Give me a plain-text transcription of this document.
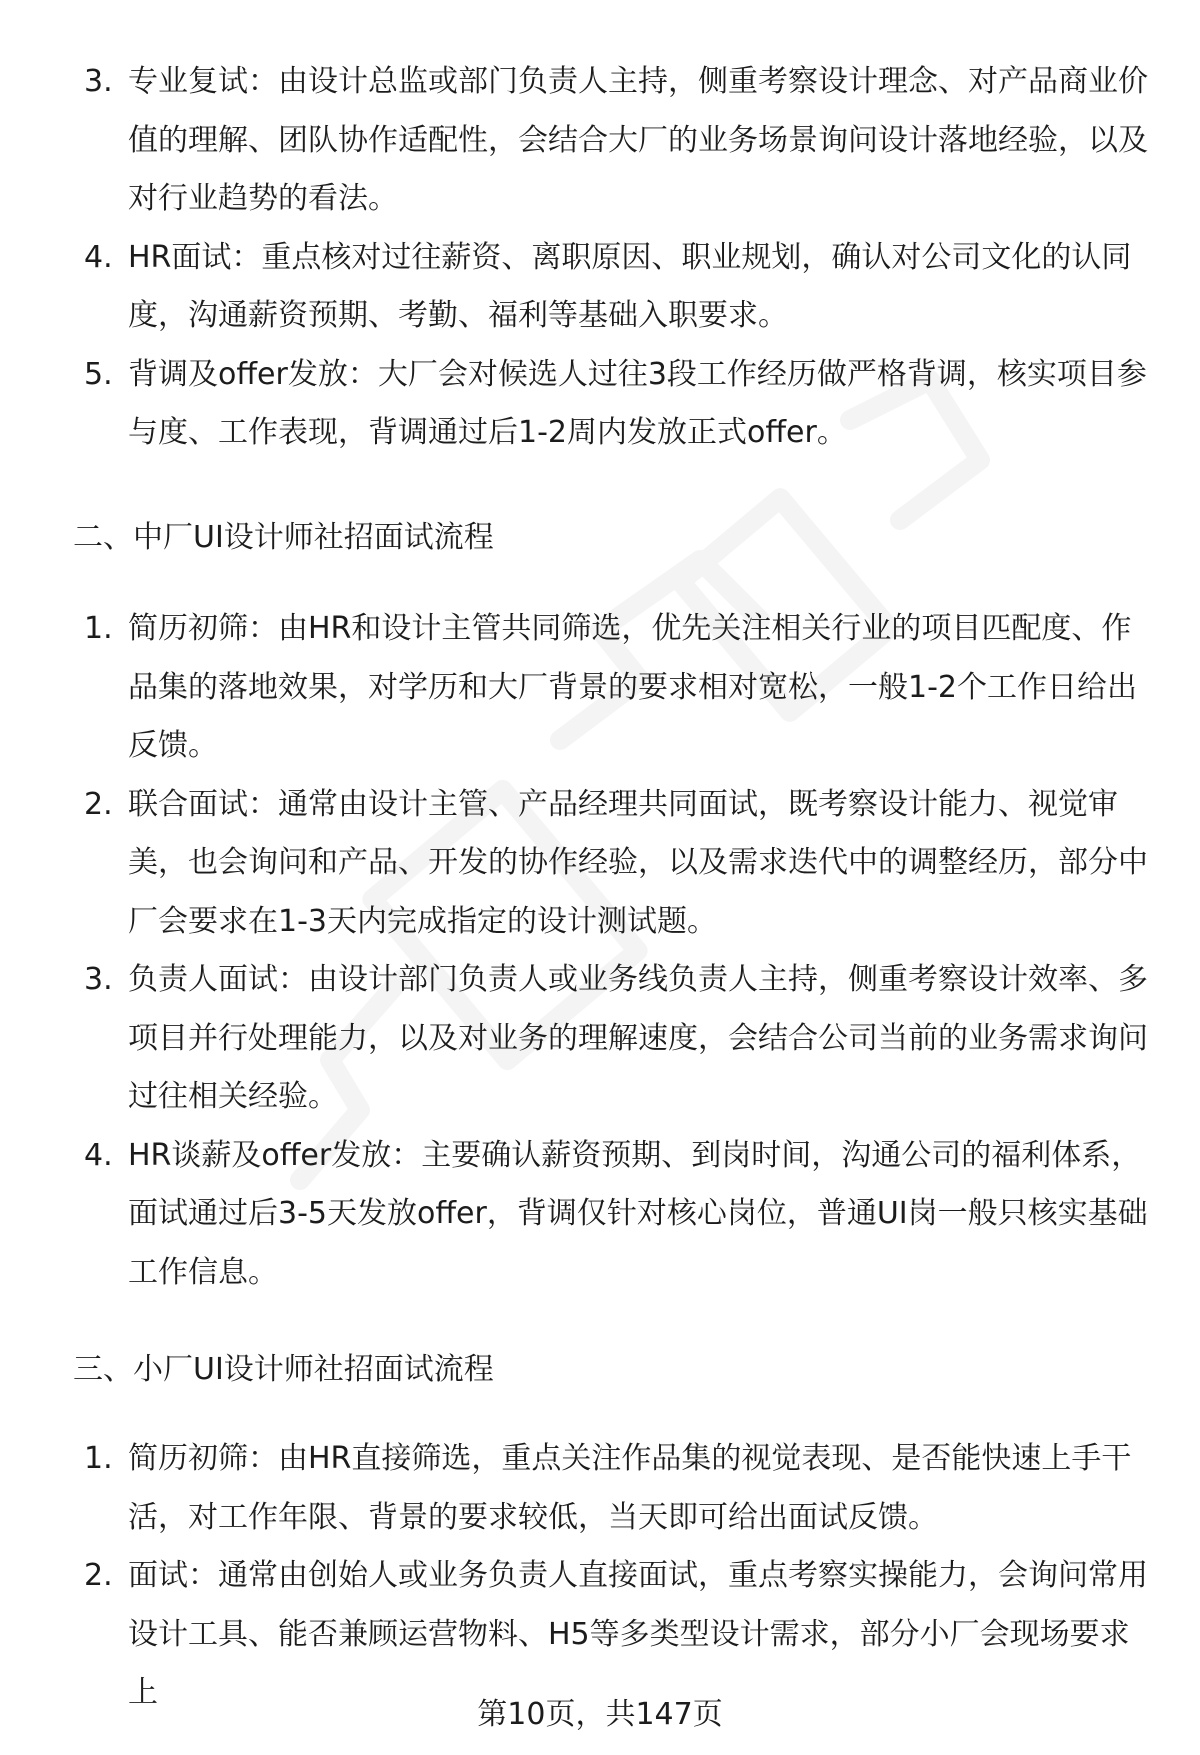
3. 专业复试：由设计总监或部门负责人主持，侧重考察设计理念、对产品商业价值的理解、团队协作适配性，会结合大厂的业务场景询问设计落地经验，以及对行业趋势的看法。
4. HR面试：重点核对过往薪资、离职原因、职业规划，确认对公司文化的认同度，沟通薪资预期、考勤、福利等基础入职要求。
5. 背调及offer发放：大厂会对候选人过往3段工作经历做严格背调，核实项目参与度、工作表现，背调通过后1-2周内发放正式offer。
二、中厂UI设计师社招面试流程
1. 简历初筛：由HR和设计主管共同筛选，优先关注相关行业的项目匹配度、作品集的落地效果，对学历和大厂背景的要求相对宽松，一般1-2个工作日给出反馈。
2. 联合面试：通常由设计主管、产品经理共同面试，既考察设计能力、视觉审美，也会询问和产品、开发的协作经验，以及需求迭代中的调整经历，部分中厂会要求在1-3天内完成指定的设计测试题。
3. 负责人面试：由设计部门负责人或业务线负责人主持，侧重考察设计效率、多项目并行处理能力，以及对业务的理解速度，会结合公司当前的业务需求询问过往相关经验。
4. HR谈薪及offer发放：主要确认薪资预期、到岗时间，沟通公司的福利体系，面试通过后3-5天发放offer，背调仅针对核心岗位，普通UI岗一般只核实基础工作信息。
三、小厂UI设计师社招面试流程
1. 简历初筛：由HR直接筛选，重点关注作品集的视觉表现、是否能快速上手干活，对工作年限、背景的要求较低，当天即可给出面试反馈。
2. 面试：通常由创始人或业务负责人直接面试，重点考察实操能力，会询问常用设计工具、能否兼顾运营物料、H5等多类型设计需求，部分小厂会现场要求上
第10页，共147页
